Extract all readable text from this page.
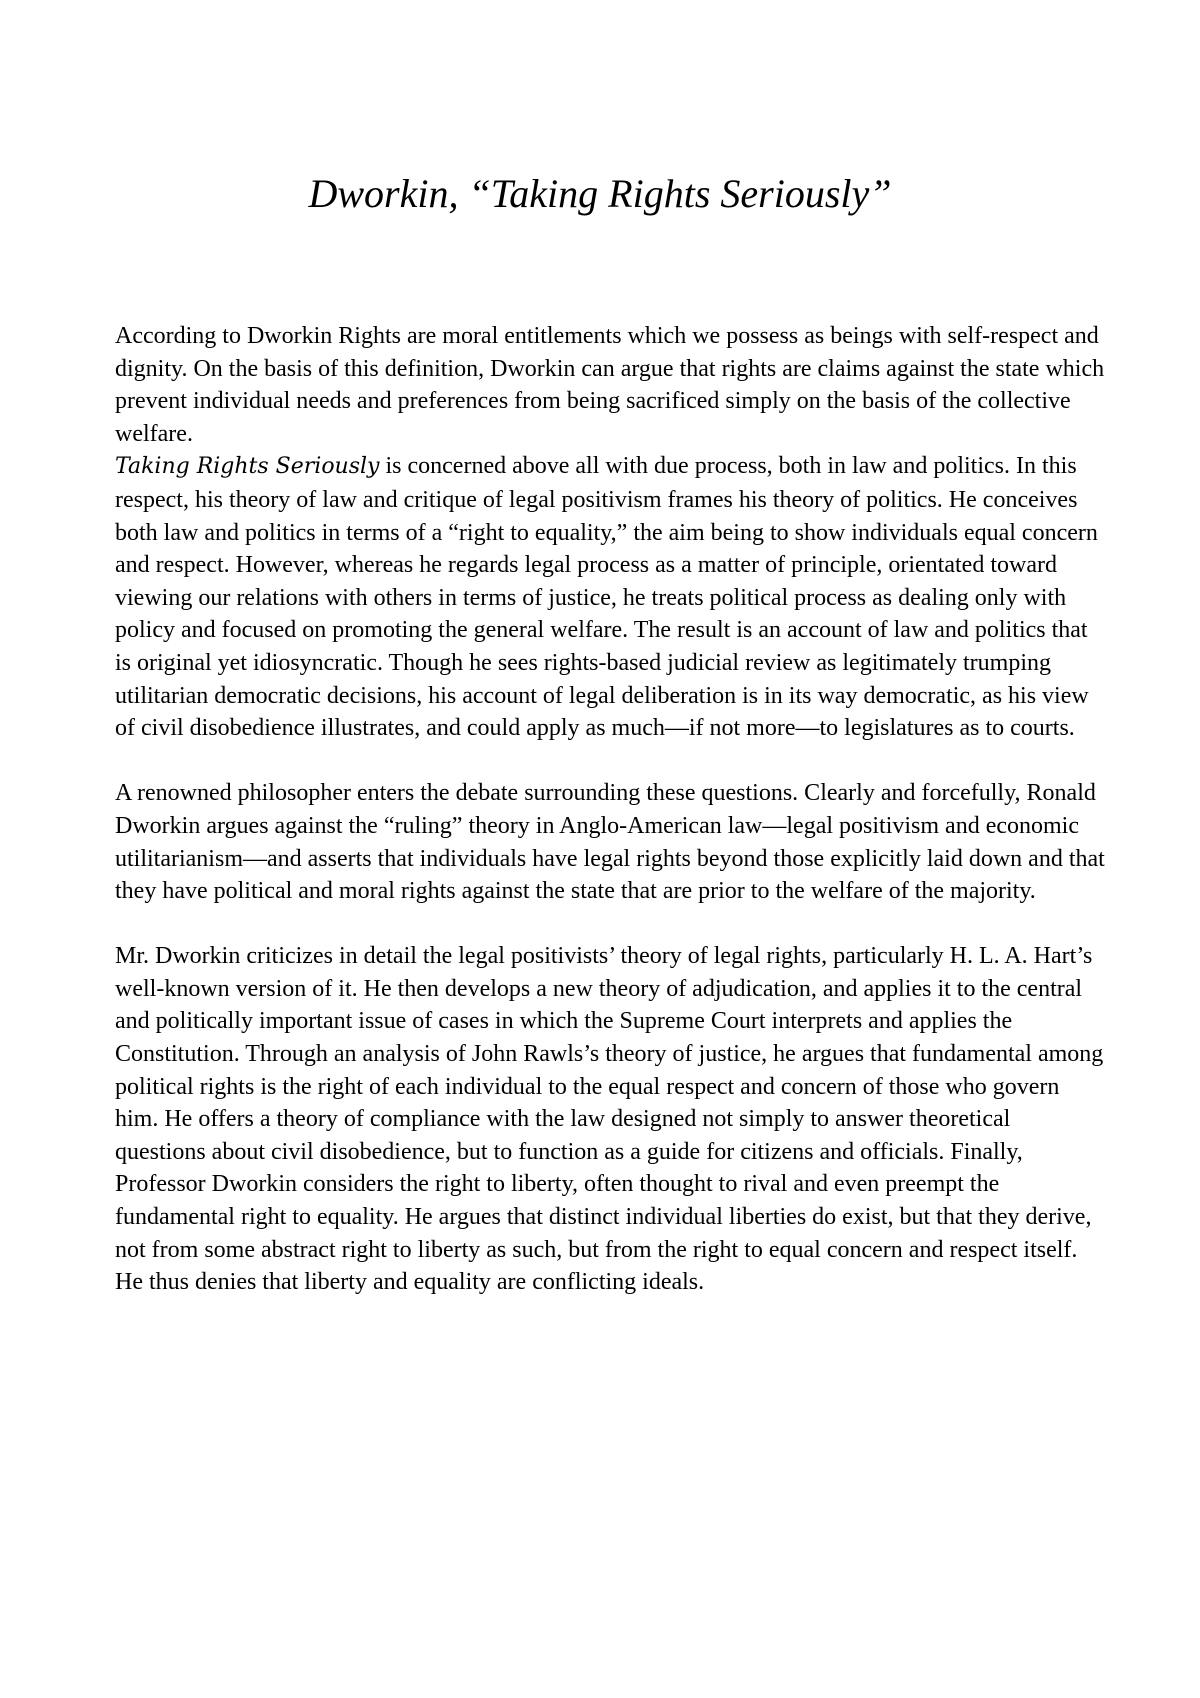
Dworkin, “Taking Rights Seriously”

According to Dworkin Rights are moral entitlements which we possess as beings with self-respect and dignity. On the basis of this definition, Dworkin can argue that rights are claims against the state which prevent individual needs and preferences from being sacrificed simply on the basis of the collective welfare.

Taking Rights Seriously is concerned above all with due process, both in law and politics. In this respect, his theory of law and critique of legal positivism frames his theory of politics. He conceives both law and politics in terms of a “right to equality,” the aim being to show individuals equal concern and respect. However, whereas he regards legal process as a matter of principle, orientated toward viewing our relations with others in terms of justice, he treats political process as dealing only with policy and focused on promoting the general welfare. The result is an account of law and politics that is original yet idiosyncratic. Though he sees rights-based judicial review as legitimately trumping utilitarian democratic decisions, his account of legal deliberation is in its way democratic, as his view of civil disobedience illustrates, and could apply as much—if not more—to legislatures as to courts.

A renowned philosopher enters the debate surrounding these questions. Clearly and forcefully, Ronald Dworkin argues against the “ruling” theory in Anglo-American law—legal positivism and economic utilitarianism—and asserts that individuals have legal rights beyond those explicitly laid down and that they have political and moral rights against the state that are prior to the welfare of the majority.

Mr. Dworkin criticizes in detail the legal positivists’ theory of legal rights, particularly H. L. A. Hart’s well-known version of it. He then develops a new theory of adjudication, and applies it to the central and politically important issue of cases in which the Supreme Court interprets and applies the Constitution. Through an analysis of John Rawls’s theory of justice, he argues that fundamental among political rights is the right of each individual to the equal respect and concern of those who govern him. He offers a theory of compliance with the law designed not simply to answer theoretical questions about civil disobedience, but to function as a guide for citizens and officials. Finally, Professor Dworkin considers the right to liberty, often thought to rival and even preempt the fundamental right to equality. He argues that distinct individual liberties do exist, but that they derive, not from some abstract right to liberty as such, but from the right to equal concern and respect itself. He thus denies that liberty and equality are conflicting ideals.
